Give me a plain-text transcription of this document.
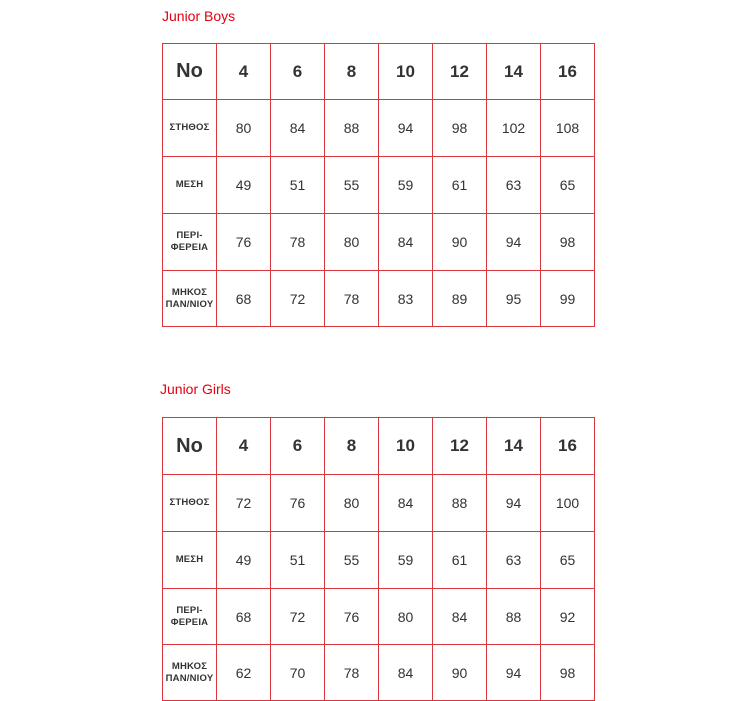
Junior Boys
No	4	6	8	10	12	14	16

ΣΤΗΘΟΣ	80	84	88	94	98	102	108

ΜΕΣΗ	49	51	55	59	61	63	65

ΠΕΡΙ-
ΦΕΡΕΙΑ	76	78	80	84	90	94	98

ΜΗΚΟΣ
ΠΑΝ/ΝΙΟΥ	68	72	78	83	89	95	99
Junior Girls
No	4	6	8	10	12	14	16

ΣΤΗΘΟΣ	72	76	80	84	88	94	100

ΜΕΣΗ	49	51	55	59	61	63	65

ΠΕΡΙ-
ΦΕΡΕΙΑ	68	72	76	80	84	88	92

ΜΗΚΟΣ
ΠΑΝ/ΝΙΟΥ	62	70	78	84	90	94	98
